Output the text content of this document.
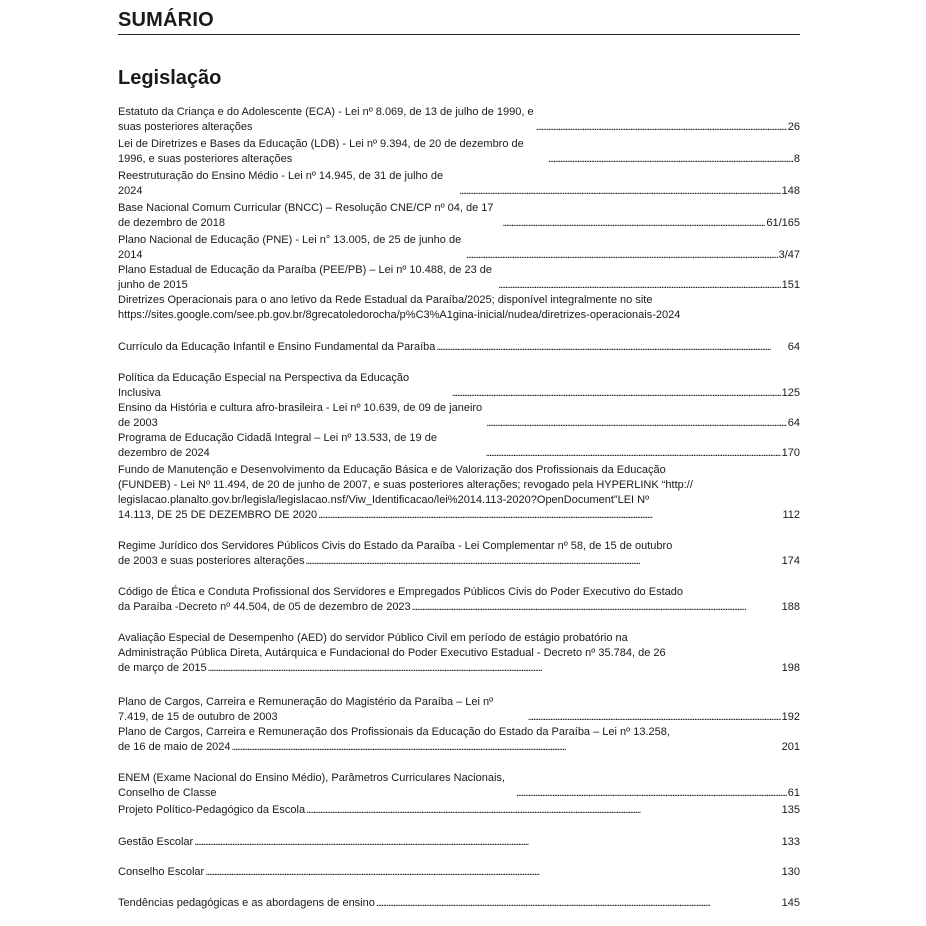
SUMÁRIO
Legislação
Estatuto da Criança e do Adolescente (ECA) - Lei nº 8.069, de 13 de julho de 1990, e suas posteriores alterações . . .	26
Lei de Diretrizes e Bases da Educação (LDB) - Lei nº 9.394, de 20 de dezembro de 1996, e suas posteriores alterações . . .	8
Reestruturação do Ensino Médio - Lei nº 14.945, de 31 de julho de 2024 . . .	148
Base Nacional Comum Curricular (BNCC) – Resolução CNE/CP nº 04, de 17 de dezembro de 2018 . . .	61/165
Plano Nacional de Educação (PNE) - Lei n° 13.005, de 25 de junho de 2014 . . .	3/47
Plano Estadual de Educação da Paraíba (PEE/PB) – Lei nº 10.488, de 23 de junho de 2015 . . .	151
Diretrizes Operacionais para o ano letivo da Rede Estadual da Paraíba/2025; disponível integralmente no site
https://sites.google.com/see.pb.gov.br/8grecatoledorocha/p%C3%A1gina-inicial/nudea/diretrizes-operacionais-2024
Currículo da Educação Infantil e Ensino Fundamental da Paraíba . . .	64
Política da Educação Especial na Perspectiva da Educação Inclusiva . . .	125
Ensino da História e cultura afro-brasileira - Lei nº 10.639, de 09 de janeiro de 2003 . . .	64
Programa de Educação Cidadã Integral – Lei nº 13.533, de 19 de dezembro de 2024 . . .	170
Fundo de Manutenção e Desenvolvimento da Educação Básica e de Valorização dos Profissionais da Educação
(FUNDEB) - Lei Nº 11.494, de 20 de junho de 2007, e suas posteriores alterações; revogado pela HYPERLINK “http://
legislacao.planalto.gov.br/legisla/legislacao.nsf/Viw_Identificacao/lei%2014.113-2020?OpenDocument”LEI Nº
14.113, DE 25 DE DEZEMBRO DE 2020 . . .	112
Regime Jurídico dos Servidores Públicos Civis do Estado da Paraíba - Lei Complementar nº 58, de 15 de outubro
de 2003 e suas posteriores alterações . . .	174
Código de Ética e Conduta Profissional dos Servidores e Empregados Públicos Civis do Poder Executivo do Estado
da Paraíba -Decreto nº 44.504, de 05 de dezembro de 2023 . . .	188
Avaliação Especial de Desempenho (AED) do servidor Público Civil em período de estágio probatório na
Administração Pública Direta, Autárquica e Fundacional do Poder Executivo Estadual - Decreto nº 35.784, de 26
de março de 2015 . . .	198
Plano de Cargos, Carreira e Remuneração do Magistério da Paraíba – Lei nº 7.419, de 15 de outubro de 2003 . . .	192
Plano de Cargos, Carreira e Remuneração dos Profissionais da Educação do Estado da Paraíba – Lei nº 13.258,
de 16 de maio de 2024 . . .	201
ENEM (Exame Nacional do Ensino Médio), Parâmetros Curriculares Nacionais, Conselho de Classe . . .	61
Projeto Político-Pedagógico da Escola . . .	135
Gestão Escolar . . .	133
Conselho Escolar . . .	130
Tendências pedagógicas e as abordagens de ensino . . .	145
